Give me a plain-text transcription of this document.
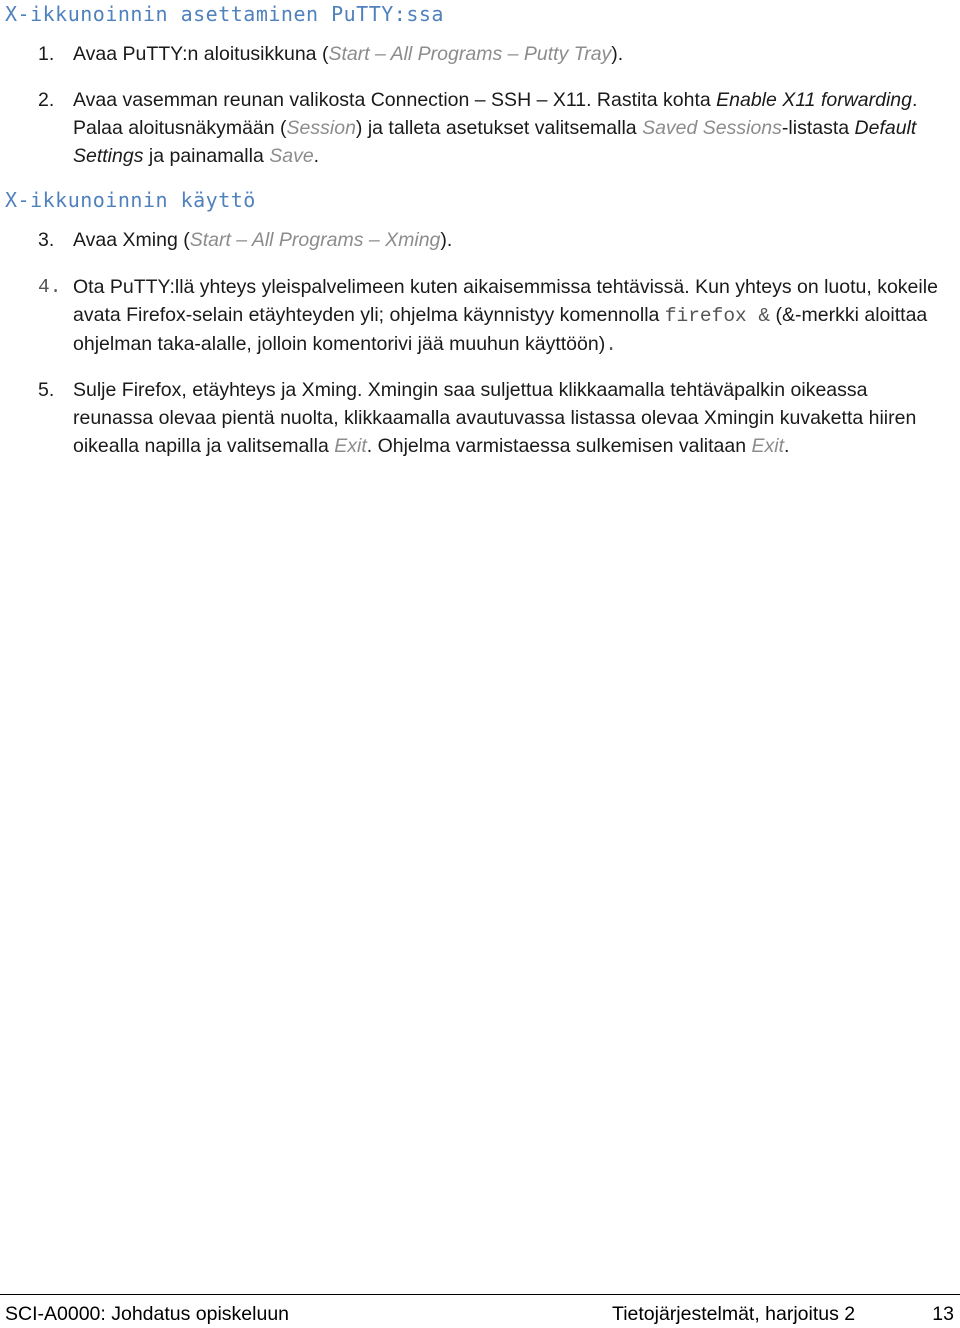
X-ikkunoinnin asettaminen PuTTY:ssa
1. Avaa PuTTY:n aloitusikkuna (Start – All Programs – Putty Tray).
2. Avaa vasemman reunan valikosta Connection – SSH – X11. Rastita kohta Enable X11 forwarding. Palaa aloitusnäkymään (Session) ja talleta asetukset valitsemalla Saved Sessions-listasta Default Settings ja painamalla Save.
X-ikkunoinnin käyttö
3. Avaa Xming (Start – All Programs – Xming).
4. Ota PuTTY:llä yhteys yleispalvelimeen kuten aikaisemmissa tehtävissä. Kun yhteys on luotu, kokeile avata Firefox-selain etäyhteyden yli; ohjelma käynnistyy komennolla firefox & (&-merkki aloittaa ohjelman taka-alalle, jolloin komentorivi jää muuhun käyttöön).
5. Sulje Firefox, etäyhteys ja Xming. Xmingin saa suljettua klikkaamalla tehtäväpalkin oikeassa reunassa olevaa pientä nuolta, klikkaamalla avautuvassa listassa olevaa Xmingin kuvaketta hiiren oikealla napilla ja valitsemalla Exit. Ohjelma varmistaessa sulkemisen valitaan Exit.
SCI-A0000: Johdatus opiskeluun	Tietojärjestelmät, harjoitus 2	13
